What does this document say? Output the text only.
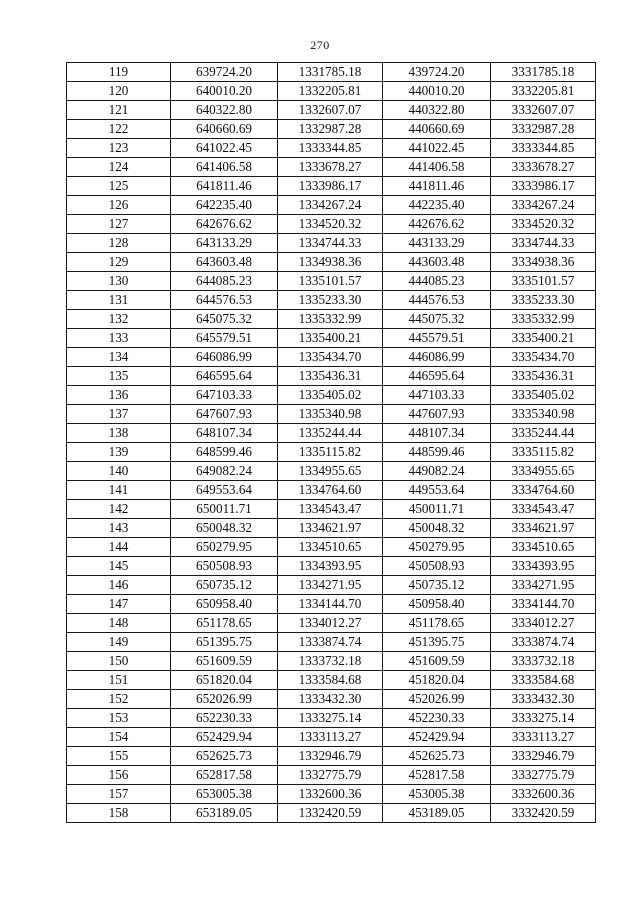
270
119	639724.20	1331785.18	439724.20	3331785.18
120	640010.20	1332205.81	440010.20	3332205.81
121	640322.80	1332607.07	440322.80	3332607.07
122	640660.69	1332987.28	440660.69	3332987.28
123	641022.45	1333344.85	441022.45	3333344.85
124	641406.58	1333678.27	441406.58	3333678.27
125	641811.46	1333986.17	441811.46	3333986.17
126	642235.40	1334267.24	442235.40	3334267.24
127	642676.62	1334520.32	442676.62	3334520.32
128	643133.29	1334744.33	443133.29	3334744.33
129	643603.48	1334938.36	443603.48	3334938.36
130	644085.23	1335101.57	444085.23	3335101.57
131	644576.53	1335233.30	444576.53	3335233.30
132	645075.32	1335332.99	445075.32	3335332.99
133	645579.51	1335400.21	445579.51	3335400.21
134	646086.99	1335434.70	446086.99	3335434.70
135	646595.64	1335436.31	446595.64	3335436.31
136	647103.33	1335405.02	447103.33	3335405.02
137	647607.93	1335340.98	447607.93	3335340.98
138	648107.34	1335244.44	448107.34	3335244.44
139	648599.46	1335115.82	448599.46	3335115.82
140	649082.24	1334955.65	449082.24	3334955.65
141	649553.64	1334764.60	449553.64	3334764.60
142	650011.71	1334543.47	450011.71	3334543.47
143	650048.32	1334621.97	450048.32	3334621.97
144	650279.95	1334510.65	450279.95	3334510.65
145	650508.93	1334393.95	450508.93	3334393.95
146	650735.12	1334271.95	450735.12	3334271.95
147	650958.40	1334144.70	450958.40	3334144.70
148	651178.65	1334012.27	451178.65	3334012.27
149	651395.75	1333874.74	451395.75	3333874.74
150	651609.59	1333732.18	451609.59	3333732.18
151	651820.04	1333584.68	451820.04	3333584.68
152	652026.99	1333432.30	452026.99	3333432.30
153	652230.33	1333275.14	452230.33	3333275.14
154	652429.94	1333113.27	452429.94	3333113.27
155	652625.73	1332946.79	452625.73	3332946.79
156	652817.58	1332775.79	452817.58	3332775.79
157	653005.38	1332600.36	453005.38	3332600.36
158	653189.05	1332420.59	453189.05	3332420.59
